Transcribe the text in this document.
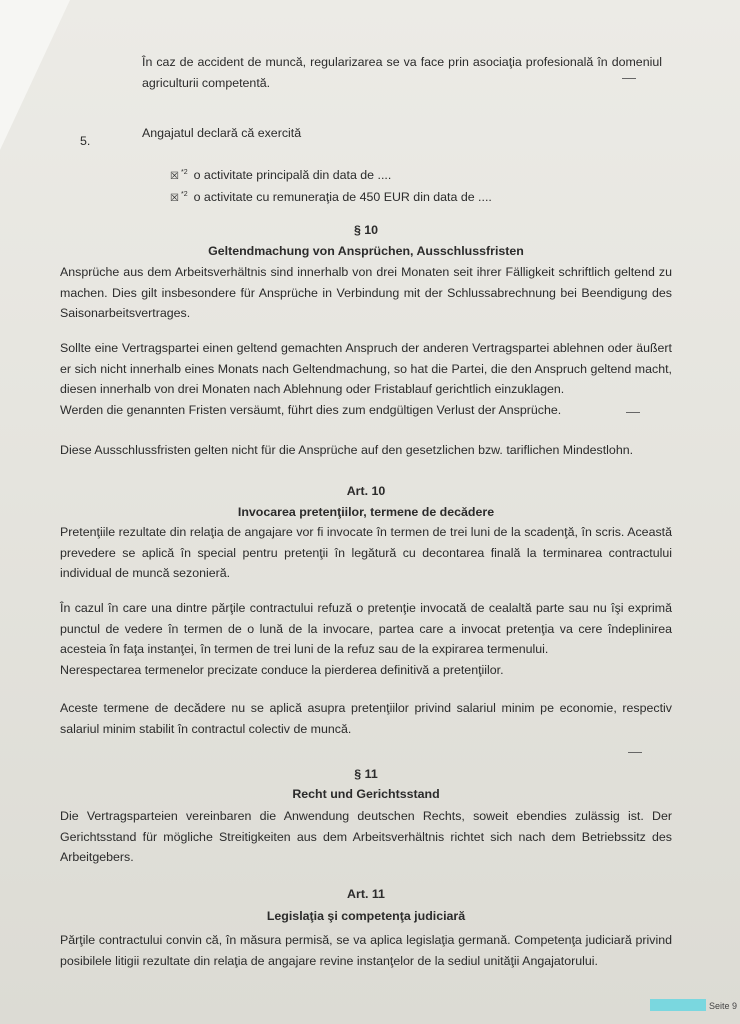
În caz de accident de muncă, regularizarea se va face prin asociaţia profesională în domeniul agriculturii competentă.

5.
Angajatul declară că exercită
☒ $^{*2}$ o activitate principală din data de ....
☒ $^{*2}$ o activitate cu remuneraţia de 450 EUR din data de ....
§ 10
Geltendmachung von Ansprüchen, Ausschlussfristen

Ansprüche aus dem Arbeitsverhältnis sind innerhalb von drei Monaten seit ihrer Fälligkeit schriftlich geltend zu machen. Dies gilt insbesondere für Ansprüche in Verbindung mit der Schlussabrechnung bei Beendigung des Saisonarbeitsvertrages.

Sollte eine Vertragspartei einen geltend gemachten Anspruch der anderen Vertragspartei ablehnen oder äußert er sich nicht innerhalb eines Monats nach Geltendmachung, so hat die Partei, die den Anspruch geltend macht, diesen innerhalb von drei Monaten nach Ablehnung oder Fristablauf gerichtlich einzuklagen.

Werden die genannten Fristen versäumt, führt dies zum endgültigen Verlust der Ansprüche.

Diese Ausschlussfristen gelten nicht für die Ansprüche auf den gesetzlichen bzw. tariflichen Mindestlohn.

Art. 10
Invocarea pretenţiilor, termene de decădere

Pretenţiile rezultate din relaţia de angajare vor fi invocate în termen de trei luni de la scadenţă, în scris. Această prevedere se aplică în special pentru pretenţii în legătură cu decontarea finală la terminarea contractului individual de muncă sezonieră.

În cazul în care una dintre părţile contractului refuză o pretenţie invocată de cealaltă parte sau nu îşi exprimă punctul de vedere în termen de o lună de la invocare, partea care a invocat pretenţia va cere îndeplinirea acesteia în faţa instanţei, în termen de trei luni de la refuz sau de la expirarea termenului.

Nerespectarea termenelor precizate conduce la pierderea definitivă a pretenţiilor.

Aceste termene de decădere nu se aplică asupra pretenţiilor privind salariul minim pe economie, respectiv salariul minim stabilit în contractul colectiv de muncă.

§ 11
Recht und Gerichtsstand

Die Vertragsparteien vereinbaren die Anwendung deutschen Rechts, soweit ebendies zulässig ist. Der Gerichtsstand für mögliche Streitigkeiten aus dem Arbeitsverhältnis richtet sich nach dem Betriebssitz des Arbeitgebers.

Art. 11
Legislaţia şi competenţa judiciară

Părţile contractului convin că, în măsura permisă, se va aplica legislaţia germană. Competenţa judiciară privind posibilele litigii rezultate din relaţia de angajare revine instanţelor de la sediul unităţii Angajatorului.

Seite 9
